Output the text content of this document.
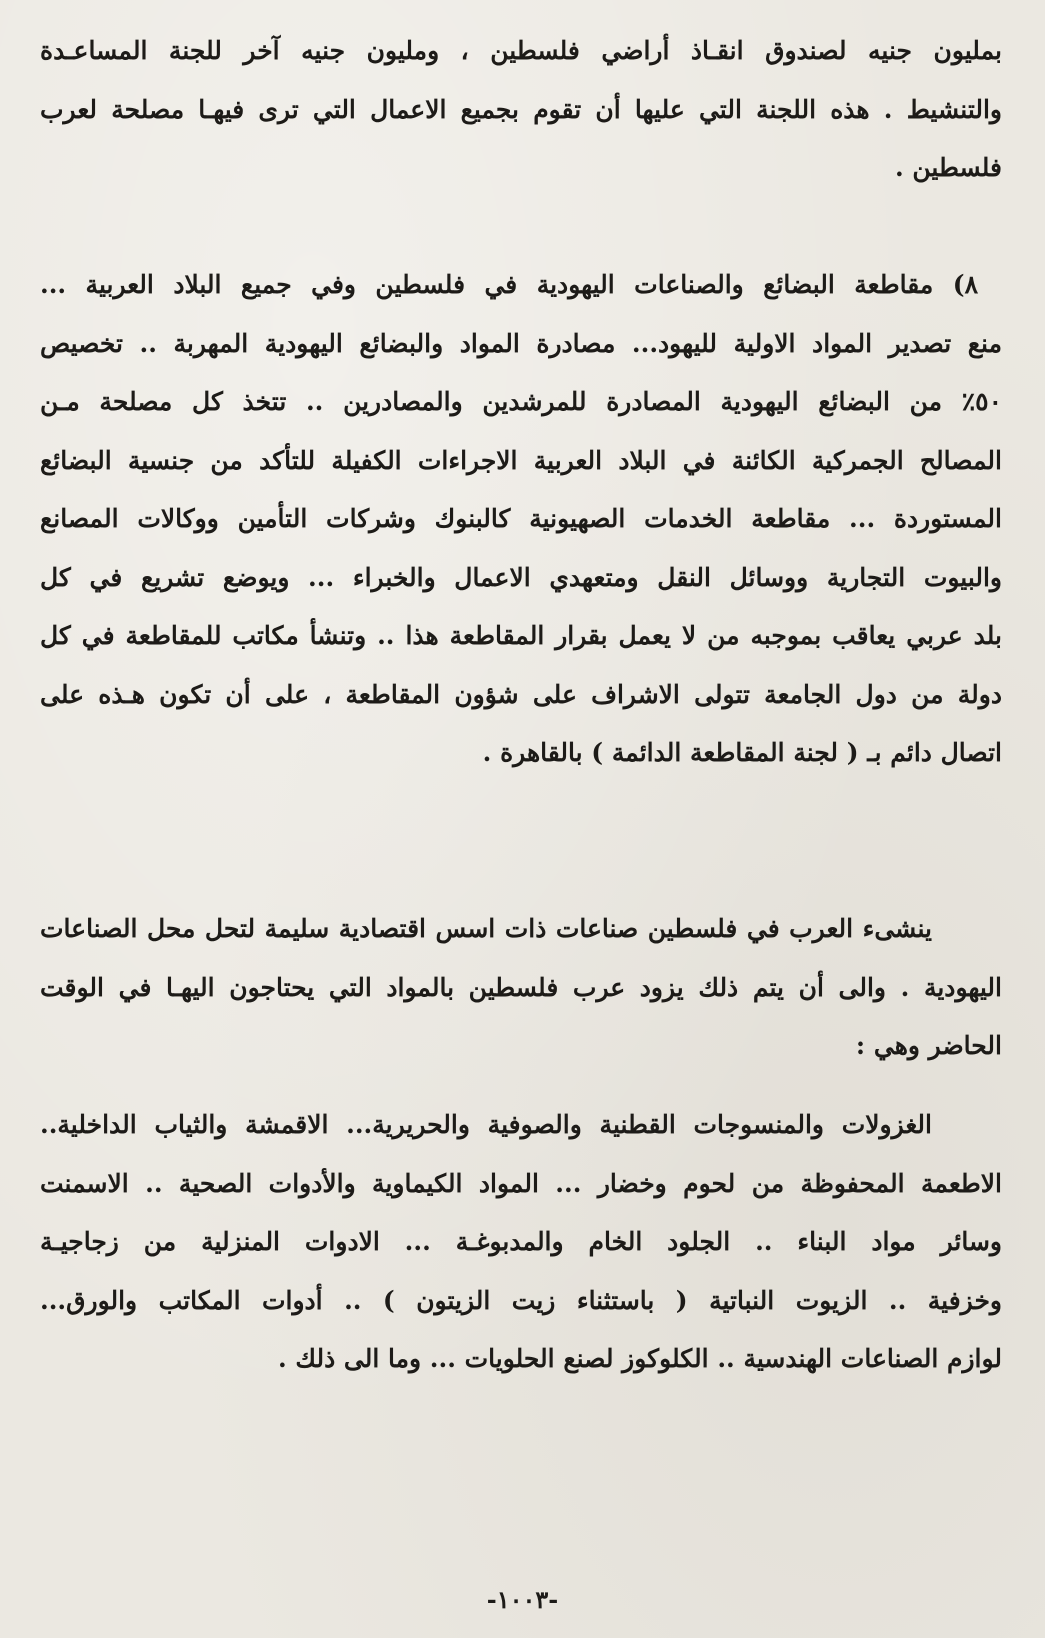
بمليون جنيه لصندوق انقـاذ أراضي فلسطين ، ومليون جنيه آخر للجنة المساعـدة
والتنشيط . هذه اللجنة التي عليها أن تقوم بجميع الاعمال التي ترى فيهـا مصلحة لعرب
فلسطين .
٨) مقاطعة البضائع والصناعات اليهودية في فلسطين وفي جميع البلاد العربية ...
منع تصدير المواد الاولية لليهود... مصادرة المواد والبضائع اليهودية المهربة .. تخصيص
٥٠٪ من البضائع اليهودية المصادرة للمرشدين والمصادرين .. تتخذ كل مصلحة مـن
المصالح الجمركية الكائنة في البلاد العربية الاجراءات الكفيلة للتأكد من جنسية البضائع
المستوردة ... مقاطعة الخدمات الصهيونية كالبنوك وشركات التأمين ووكالات المصانع
والبيوت التجارية ووسائل النقل ومتعهدي الاعمال والخبراء ... ويوضع تشريع في كل
بلد عربي يعاقب بموجبه من لا يعمل بقرار المقاطعة هذا .. وتنشأ مكاتب للمقاطعة في كل
دولة من دول الجامعة تتولى الاشراف على شؤون المقاطعة ، على أن تكون هـذه على
اتصال دائم بـ ( لجنة المقاطعة الدائمة ) بالقاهرة .
ينشىء العرب في فلسطين صناعات ذات اسس اقتصادية سليمة لتحل محل الصناعات
اليهودية . والى أن يتم ذلك يزود عرب فلسطين بالمواد التي يحتاجون اليهـا في الوقت
الحاضر وهي :
الغزولات والمنسوجات القطنية والصوفية والحريرية... الاقمشة والثياب الداخلية..
الاطعمة المحفوظة من لحوم وخضار ... المواد الكيماوية والأدوات الصحية .. الاسمنت
وسائر مواد البناء .. الجلود الخام والمدبوغـة ... الادوات المنزلية من زجاجيـة
وخزفية .. الزيوت النباتية ( باستثناء زيت الزيتون ) .. أدوات المكاتب والورق...
لوازم الصناعات الهندسية .. الكلوكوز لصنع الحلويات ... وما الى ذلك .
-١٠٠٣-
